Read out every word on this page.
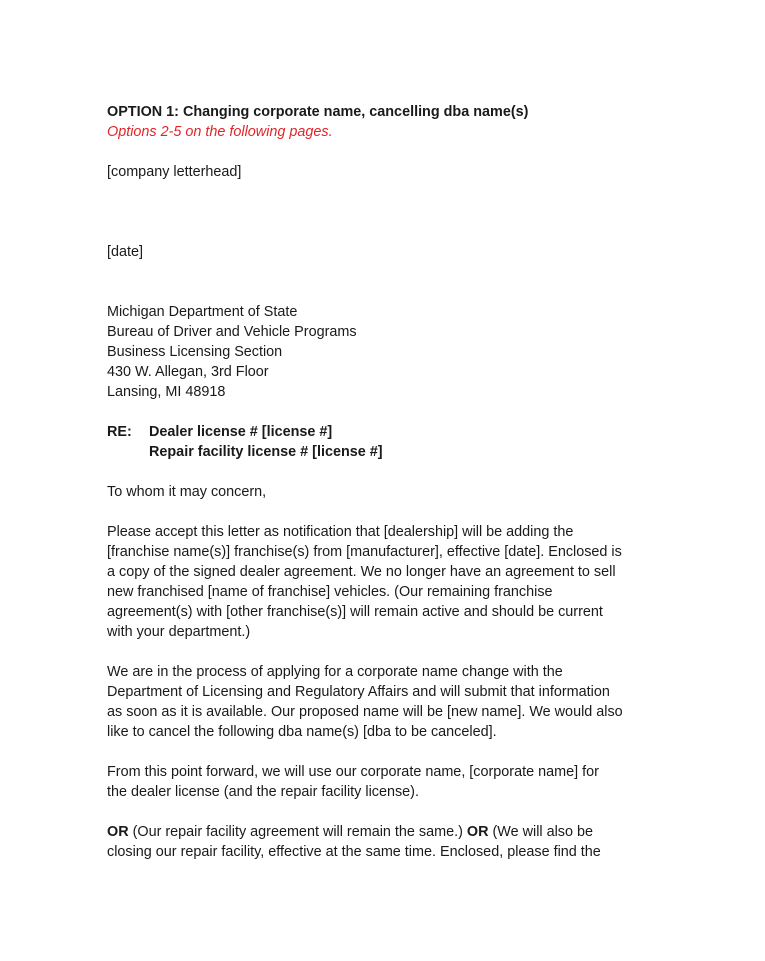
OPTION 1: Changing corporate name, cancelling dba name(s)
Options 2-5 on the following pages.
[company letterhead]
[date]
Michigan Department of State
Bureau of Driver and Vehicle Programs
Business Licensing Section
430 W. Allegan, 3rd Floor
Lansing, MI 48918
RE:	Dealer license # [license #]
Repair facility license # [license #]
To whom it may concern,
Please accept this letter as notification that [dealership] will be adding the
[franchise name(s)] franchise(s) from [manufacturer], effective [date]. Enclosed is
a copy of the signed dealer agreement. We no longer have an agreement to sell
new franchised [name of franchise] vehicles. (Our remaining franchise
agreement(s) with [other franchise(s)] will remain active and should be current
with your department.)
We are in the process of applying for a corporate name change with the
Department of Licensing and Regulatory Affairs and will submit that information
as soon as it is available. Our proposed name will be [new name]. We would also
like to cancel the following dba name(s) [dba to be canceled].
From this point forward, we will use our corporate name, [corporate name] for
the dealer license (and the repair facility license).
OR (Our repair facility agreement will remain the same.) OR (We will also be
closing our repair facility, effective at the same time. Enclosed, please find the
